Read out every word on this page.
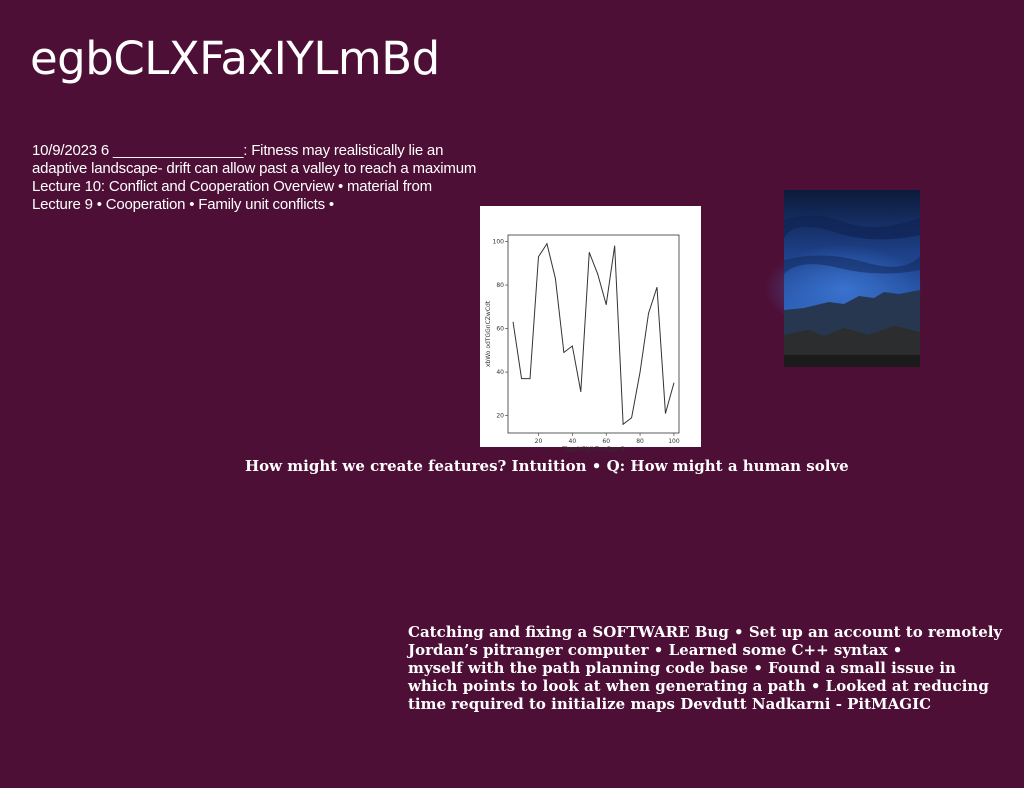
egbCLXFaxIYLmBd

10/9/2023 6 ________________: Fitness may realistically lie an adaptive landscape- drift can allow past a valley to reach a maximum Lecture 10: Conflict and Cooperation Overview • material from Lecture 9 • Cooperation • Family unit conflicts •

20	40	60	80	100
20
40
60
80
100
ThqzIYFjXhTmrDyo B
xbWo odTGGnCZwCdt

How might we create features? Intuition • Q: How might a human solve

Catching and fixing a SOFTWARE Bug • Set up an account to remotely
Jordan’s pitranger computer • Learned some C++ syntax •
myself with the path planning code base • Found a small issue in
which points to look at when generating a path • Looked at reducing
time required to initialize maps Devdutt Nadkarni - PitMAGIC
